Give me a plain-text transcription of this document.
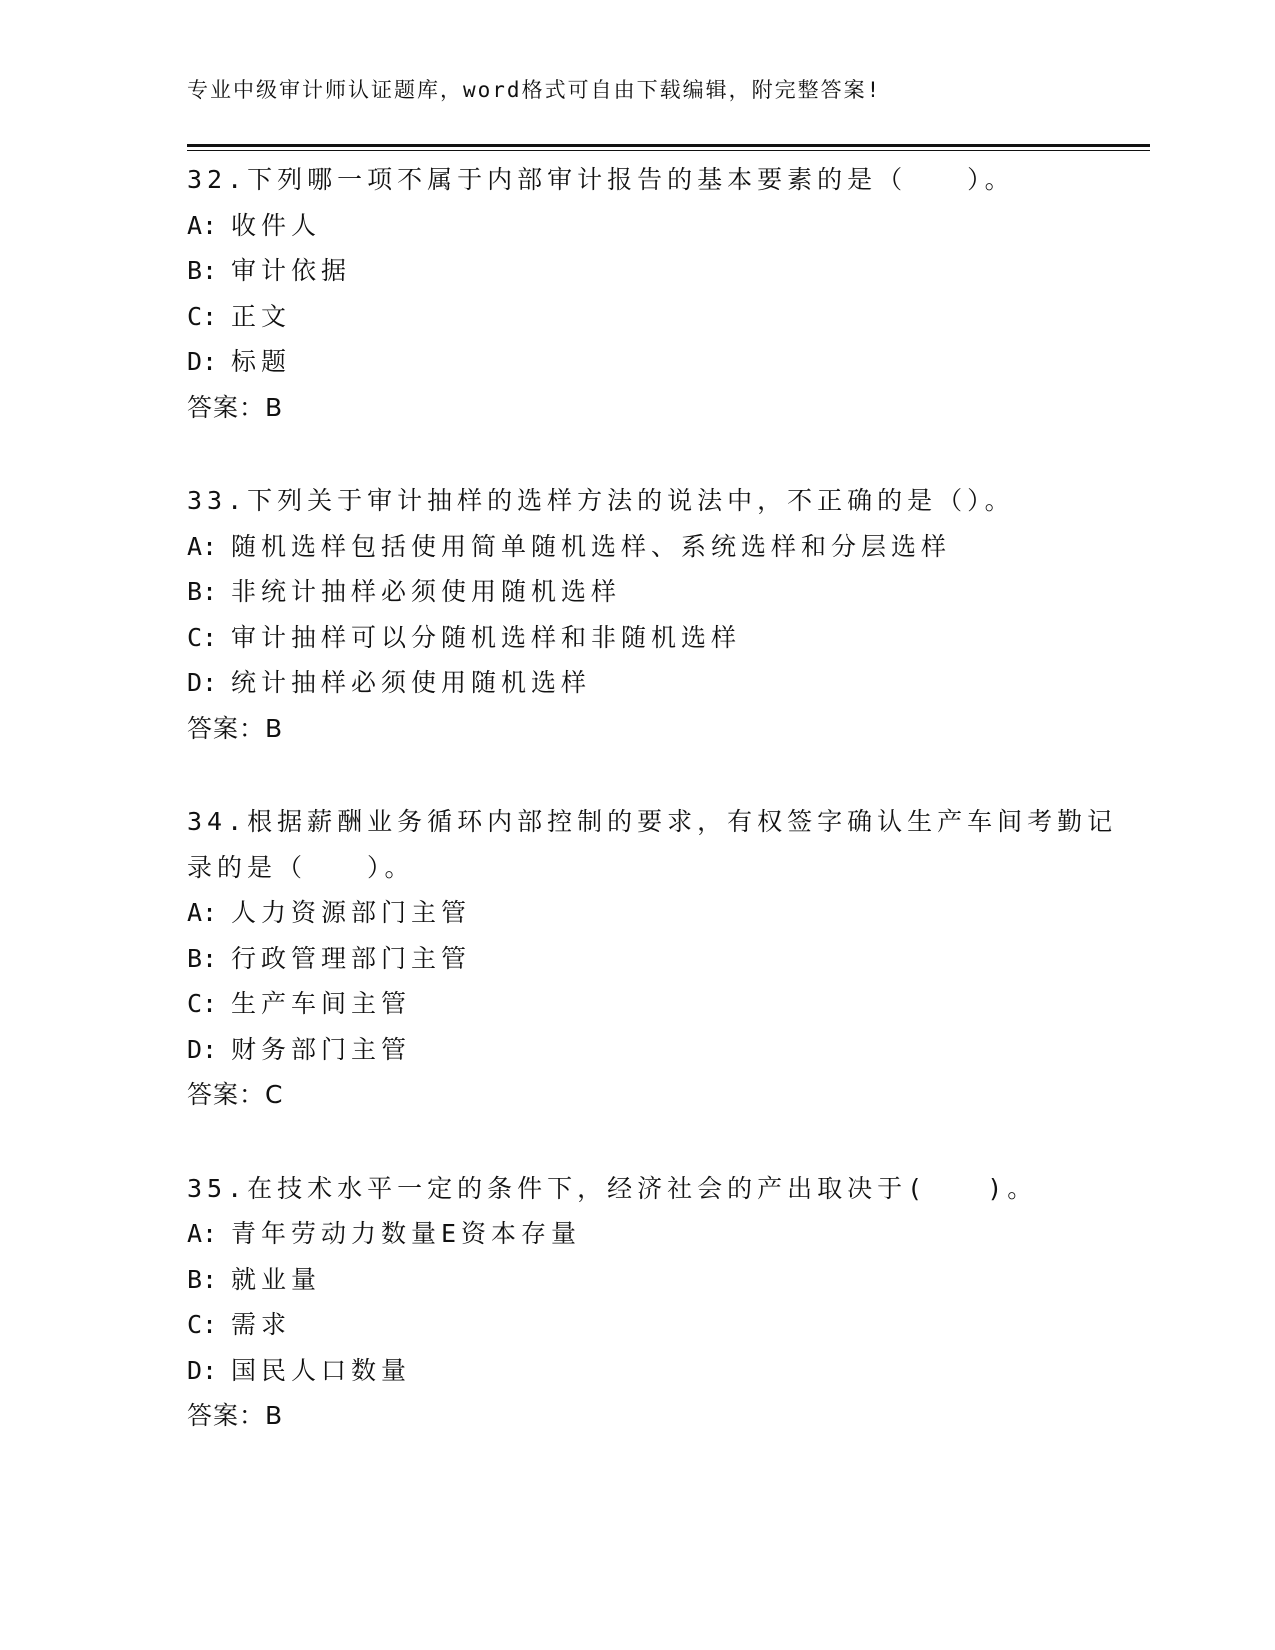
专业中级审计师认证题库，word格式可自由下载编辑，附完整答案!
32.下列哪一项不属于内部审计报告的基本要素的是（　　）。
A: 收件人
B: 审计依据
C: 正文
D: 标题
答案：B
33.下列关于审计抽样的选样方法的说法中，不正确的是（）。
A: 随机选样包括使用简单随机选样、系统选样和分层选样
B: 非统计抽样必须使用随机选样
C: 审计抽样可以分随机选样和非随机选样
D: 统计抽样必须使用随机选样
答案：B
34.根据薪酬业务循环内部控制的要求，有权签字确认生产车间考勤记
录的是（　　）。
A: 人力资源部门主管
B: 行政管理部门主管
C: 生产车间主管
D: 财务部门主管
答案：C
35.在技术水平一定的条件下，经济社会的产出取决于(　　)。
A: 青年劳动力数量E资本存量
B: 就业量
C: 需求
D: 国民人口数量
答案：B
